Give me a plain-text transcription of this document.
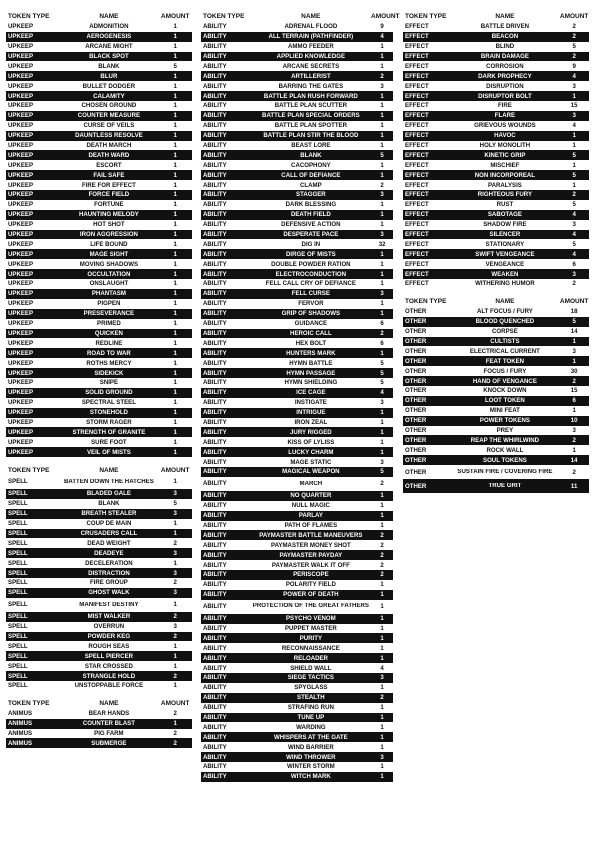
TOKEN TYPE	NAME	AMOUNT
UPKEEP	ADMONITION	1
UPKEEP	AEROGENESIS	1
UPKEEP	ARCANE MIGHT	1
UPKEEP	BLACK SPOT	1
UPKEEP	BLANK	5
UPKEEP	BLUR	1
UPKEEP	BULLET DODGER	1
UPKEEP	CALAMITY	1
UPKEEP	CHOSEN GROUND	1
UPKEEP	COUNTER MEASURE	1
UPKEEP	CURSE OF VEILS	1
UPKEEP	DAUNTLESS RESOLVE	1
UPKEEP	DEATH MARCH	1
UPKEEP	DEATH WARD	1
UPKEEP	ESCORT	1
UPKEEP	FAIL SAFE	1
UPKEEP	FIRE FOR EFFECT	1
UPKEEP	FORCE FIELD	1
UPKEEP	FORTUNE	1
UPKEEP	HAUNTING MELODY	1
UPKEEP	HOT SHOT	1
UPKEEP	IRON AGGRESSION	1
UPKEEP	LIFE BOUND	1
UPKEEP	MAGE SIGHT	1
UPKEEP	MOVING SHADOWS	1
UPKEEP	OCCULTATION	1
UPKEEP	ONSLAUGHT	1
UPKEEP	PHANTASM	1
UPKEEP	PIGPEN	1
UPKEEP	PRESEVERANCE	1
UPKEEP	PRIMED	1
UPKEEP	QUICKEN	1
UPKEEP	REDLINE	1
UPKEEP	ROAD TO WAR	1
UPKEEP	ROTHS MERCY	1
UPKEEP	SIDEKICK	1
UPKEEP	SNIPE	1
UPKEEP	SOLID GROUND	1
UPKEEP	SPECTRAL STEEL	1
UPKEEP	STONEHOLD	1
UPKEEP	STORM RAGER	1
UPKEEP	STRENGTH OF GRANITE	1
UPKEEP	SURE FOOT	1
UPKEEP	VEIL OF MISTS	1
TOKEN TYPE	NAME	AMOUNT
SPELL	BATTEN DOWN THE HATCHES	1
SPELL	BLADED GALE	3
SPELL	BLANK	5
SPELL	BREATH STEALER	3
SPELL	COUP DE MAIN	1
SPELL	CRUSADERS CALL	1
SPELL	DEAD WEIGHT	2
SPELL	DEADEYE	3
SPELL	DECELERATION	1
SPELL	DISTRACTION	3
SPELL	FIRE GROUP	2
SPELL	GHOST WALK	3
SPELL	MANIFEST DESTINY	1
SPELL	MIST WALKER	2
SPELL	OVERRUN	3
SPELL	POWDER KEG	2
SPELL	ROUGH SEAS	1
SPELL	SPELL PIERCER	1
SPELL	STAR CROSSED	1
SPELL	STRANGLE HOLD	2
SPELL	UNSTOPPABLE FORCE	1
TOKEN TYPE	NAME	AMOUNT
ANIMUS	BEAR HANDS	2
ANIMUS	COUNTER BLAST	1
ANIMUS	PIG FARM	2
ANIMUS	SUBMERGE	2
TOKEN TYPE	NAME	AMOUNT
ABILITY	ADRENAL FLOOD	9
ABILITY	ALL TERRAIN (PATHFINDER)	4
ABILITY	AMMO FEEDER	1
ABILITY	APPLIED KNOWLEDGE	1
ABILITY	ARCANE SECRETS	1
ABILITY	ARTILLERIST	2
ABILITY	BARRING THE GATES	3
ABILITY	BATTLE PLAN RUSH FORWARD	1
ABILITY	BATTLE PLAN SCUTTER	1
ABILITY	BATTLE PLAN SPECIAL ORDERS	1
ABILITY	BATTLE PLAN SPOTTER	1
ABILITY	BATTLE PLAN STIR THE BLOOD	1
ABILITY	BEAST LORE	1
ABILITY	BLANK	5
ABILITY	CACOPHONY	1
ABILITY	CALL OF DEFIANCE	1
ABILITY	CLAMP	2
ABILITY	STAGGER	3
ABILITY	DARK BLESSING	1
ABILITY	DEATH FIELD	1
ABILITY	DEFENSIVE ACTION	1
ABILITY	DESPERATE PACE	3
ABILITY	DIG IN	32
ABILITY	DIRGE OF MISTS	1
ABILITY	DOUBLE POWDER RATION	1
ABILITY	ELECTROCONDUCTION	1
ABILITY	FELL CALL CRY OF DEFIANCE	1
ABILITY	FELL CURSE	3
ABILITY	FERVOR	1
ABILITY	GRIP OF SHADOWS	1
ABILITY	GUIDANCE	6
ABILITY	HEROIC CALL	2
ABILITY	HEX BOLT	6
ABILITY	HUNTERS MARK	1
ABILITY	HYMN BATTLE	5
ABILITY	HYMN PASSAGE	5
ABILITY	HYMN SHIELDING	5
ABILITY	ICE CAGE	4
ABILITY	INSTIGATE	3
ABILITY	INTRIGUE	1
ABILITY	IRON ZEAL	1
ABILITY	JURY RIGGED	1
ABILITY	KISS OF LYLISS	1
ABILITY	LUCKY CHARM	1
ABILITY	MAGE STATIC	3
ABILITY	MAGICAL WEAPON	5
ABILITY	MARCH	2
ABILITY	NO QUARTER	1
ABILITY	NULL MAGIC	1
ABILITY	PARLAY	1
ABILITY	PATH OF FLAMES	1
ABILITY	PAYMASTER BATTLE MANEUVERS	2
ABILITY	PAYMASTER MONEY SHOT	2
ABILITY	PAYMASTER PAYDAY	2
ABILITY	PAYMASTER WALK IT OFF	2
ABILITY	PERISCOPE	2
ABILITY	POLARITY FIELD	1
ABILITY	POWER OF DEATH	1
ABILITY	PROTECTION OF THE GREAT FATHERS	1
ABILITY	PSYCHO VENOM	1
ABILITY	PUPPET MASTER	1
ABILITY	PURITY	1
ABILITY	RECONNAISSANCE	1
ABILITY	RELOADER	1
ABILITY	SHIELD WALL	4
ABILITY	SIEGE TACTICS	3
ABILITY	SPYGLASS	1
ABILITY	STEALTH	2
ABILITY	STRAFING RUN	1
ABILITY	TUNE UP	1
ABILITY	WARDING	1
ABILITY	WHISPERS AT THE GATE	1
ABILITY	WIND BARRIER	1
ABILITY	WIND THROWER	3
ABILITY	WINTER STORM	1
ABILITY	WITCH MARK	1
TOKEN TYPE	NAME	AMOUNT
EFFECT	BATTLE DRIVEN	2
EFFECT	BEACON	2
EFFECT	BLIND	5
EFFECT	BRAIN DAMAGE	2
EFFECT	CORROSION	9
EFFECT	DARK PROPHECY	4
EFFECT	DISRUPTION	3
EFFECT	DISRUPTOR BOLT	1
EFFECT	FIRE	15
EFFECT	FLARE	3
EFFECT	GRIEVOUS WOUNDS	4
EFFECT	HAVOC	1
EFFECT	HOLY MONOLITH	1
EFFECT	KINETIC GRIP	5
EFFECT	MISCHIEF	1
EFFECT	NON INCORPOREAL	5
EFFECT	PARALYSIS	1
EFFECT	RIGHTEOUS FURY	2
EFFECT	RUST	5
EFFECT	SABOTAGE	4
EFFECT	SHADOW FIRE	3
EFFECT	SILENCER	4
EFFECT	STATIONARY	5
EFFECT	SWIFT VENGEANCE	4
EFFECT	VENGEANCE	6
EFFECT	WEAKEN	3
EFFECT	WITHERING HUMOR	2
TOKEN TYPE	NAME	AMOUNT
OTHER	ALT FOCUS / FURY	18
OTHER	BLOOD QUENCHED	5
OTHER	CORPSE	14
OTHER	CULTISTS	1
OTHER	ELECTRICAL CURRENT	3
OTHER	FEAT TOKEN	1
OTHER	FOCUS / FURY	30
OTHER	HAND OF VENGANCE	2
OTHER	KNOCK DOWN	15
OTHER	LOOT TOKEN	6
OTHER	MINI FEAT	1
OTHER	POWER TOKENS	10
OTHER	PREY	3
OTHER	REAP THE WHIRLWIND	2
OTHER	ROCK WALL	1
OTHER	SOUL TOKENS	14
OTHER	SUSTAIN FIRE / COVERING FIRE	2
OTHER	TRUE GRIT	11
